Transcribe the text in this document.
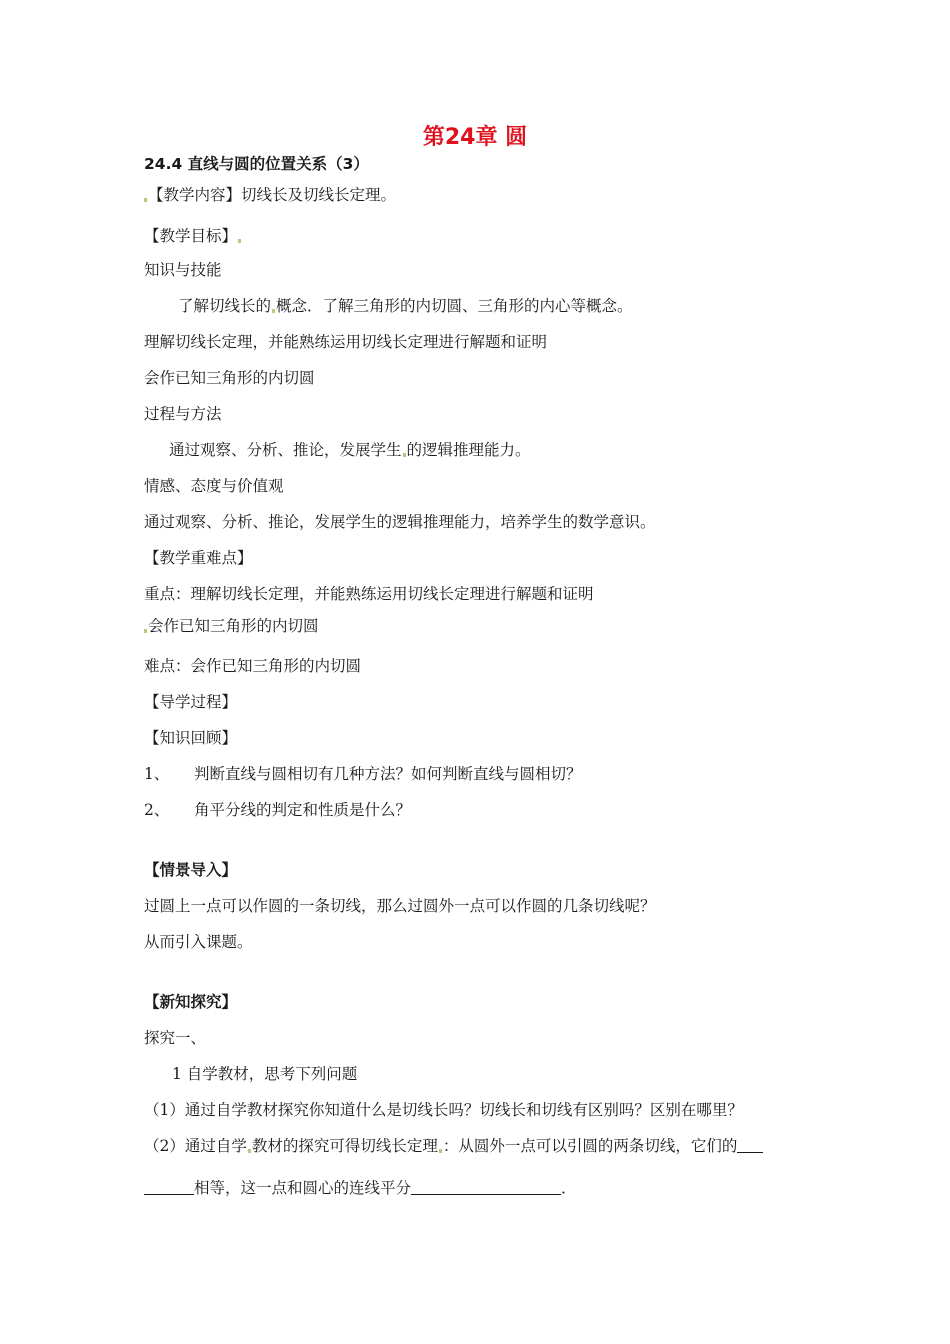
第24章 圆
24.4 直线与圆的位置关系（3）
【教学内容】切线长及切线长定理。
【教学目标】
知识与技能
了解切线长的 概念．了解三角形的内切圆、三角形的内心等概念。
理解切线长定理，并能熟练运用切线长定理进行解题和证明
会作已知三角形的内切圆
过程与方法
通过观察、分析、推论，发展学生 的逻辑推理能力。
情感、态度与价值观
通过观察、分析、推论，发展学生的逻辑推理能力，培养学生的数学意识。
【教学重难点】
重点：理解切线长定理，并能熟练运用切线长定理进行解题和证明
会作已知三角形的内切圆
难点：会作已知三角形的内切圆
【导学过程】
【知识回顾】
1、 判断直线与圆相切有几种方法？如何判断直线与圆相切？
2、 角平分线的判定和性质是什么？
【情景导入】
过圆上一点可以作圆的一条切线，那么过圆外一点可以作圆的几条切线呢？
从而引入课题。
【新知探究】
探究一、
1 自学教材，思考下列问题
（1）通过自学教材探究你知道什么是切线长吗？切线长和切线有区别吗？区别在哪里？
（2）通过自学 教材的探究可得切线长定理 ：从圆外一点可以引圆的两条切线，它们的
相等，这一点和圆心的连线平分	．
